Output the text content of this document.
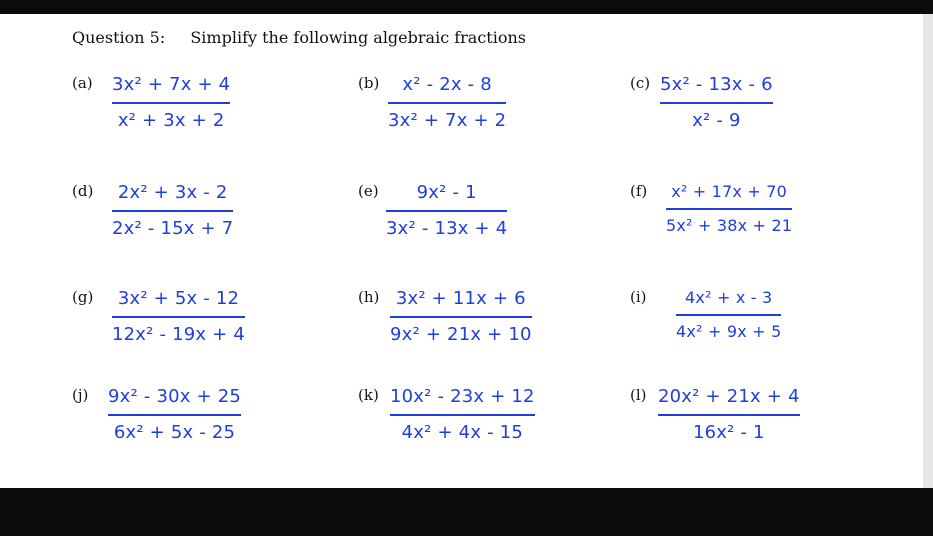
Question 5: Simplify the following algebraic fractions
(a) 3x² + 7x + 4
x² + 3x + 2
(b) x² - 2x - 8
3x² + 7x + 2
(c) 5x² - 13x - 6
x² - 9
(d) 2x² + 3x - 2
2x² - 15x + 7
(e) 9x² - 1
3x² - 13x + 4
(f) x² + 17x + 70
5x² + 38x + 21
(g) 3x² + 5x - 12
12x² - 19x + 4
(h) 3x² + 11x + 6
9x² + 21x + 10
(i) 4x² + x - 3
4x² + 9x + 5
(j) 9x² - 30x + 25
6x² + 5x - 25
(k) 10x² - 23x + 12
4x² + 4x - 15
(l) 20x² + 21x + 4
16x² - 1
